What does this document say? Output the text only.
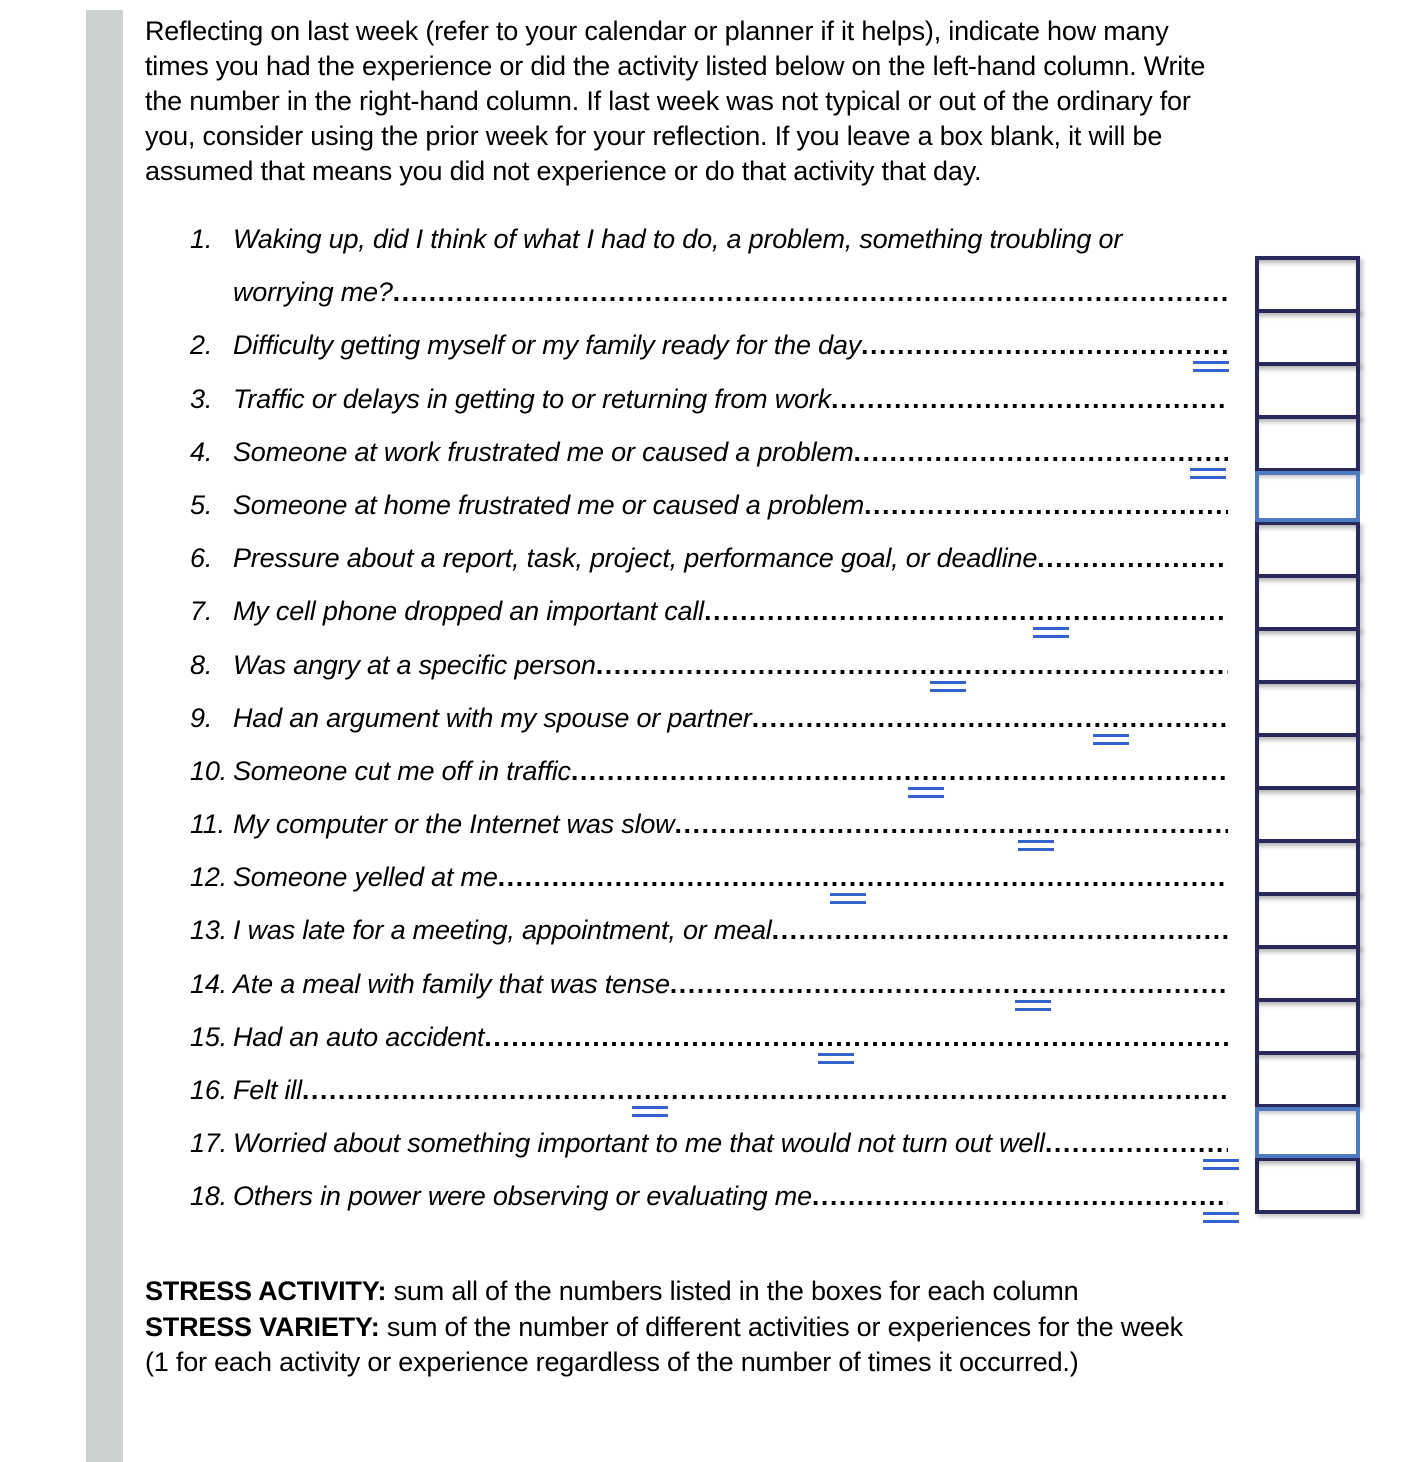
Reflecting on last week (refer to your calendar or planner if it helps), indicate how many
times you had the experience or did the activity listed below on the left-hand column. Write
the number in the right-hand column. If last week was not typical or out of the ordinary for
you, consider using the prior week for your reflection. If you leave a box blank, it will be
assumed that means you did not experience or do that activity that day.
1. Waking up, did I think of what I had to do, a problem, something troubling or
worrying me?
.....
2. Difficulty getting myself or my family ready for the day
.....
3. Traffic or delays in getting to or returning from work
.....
4. Someone at work frustrated me or caused a problem
.....
5. Someone at home frustrated me or caused a problem
.....
6. Pressure about a report, task, project, performance goal, or deadline
.....
7. My cell phone dropped an important call
.....
8. Was angry at a specific person
.....
9. Had an argument with my spouse or partner
.....
10. Someone cut me off in traffic
.....
11. My computer or the Internet was slow
.....
12. Someone yelled at me
.....
13. I was late for a meeting, appointment, or meal
.....
14. Ate a meal with family that was tense
.....
15. Had an auto accident
.....
16. Felt ill
.....
17. Worried about something important to me that would not turn out well
.....
18. Others in power were observing or evaluating me
.....
STRESS ACTIVITY: sum all of the numbers listed in the boxes for each column
STRESS VARIETY: sum of the number of different activities or experiences for the week
(1 for each activity or experience regardless of the number of times it occurred.)
